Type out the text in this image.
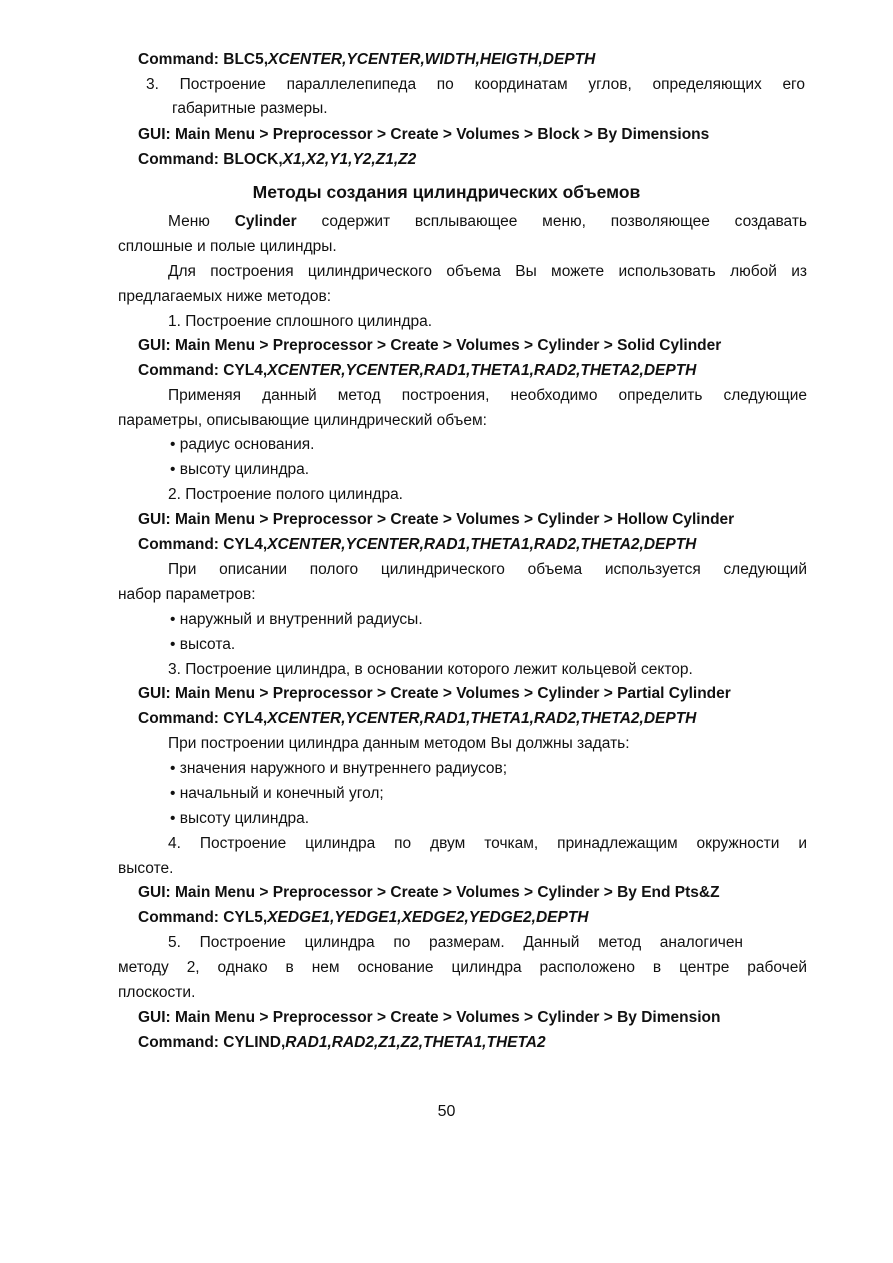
Command: BLC5,XCENTER,YCENTER,WIDTH,HEIGTH,DEPTH
3. Построение параллелепипеда по координатам углов, определяющих его
габаритные размеры.
GUI: Main Menu > Preprocessor > Create > Volumes > Block > By Dimensions
Command: BLOCK,X1,X2,Y1,Y2,Z1,Z2
Методы создания цилиндрических объемов
Меню Cylinder содержит всплывающее меню, позволяющее создавать
сплошные и полые цилиндры.
Для построения цилиндрического объема Вы можете использовать любой из
предлагаемых ниже методов:
1. Построение сплошного цилиндра.
GUI: Main Menu > Preprocessor > Create > Volumes > Cylinder > Solid Cylinder
Command: CYL4,XCENTER,YCENTER,RAD1,THETA1,RAD2,THETA2,DEPTH
Применяя данный метод построения, необходимо определить следующие
параметры, описывающие цилиндрический объем:
• радиус основания.
• высоту цилиндра.
2. Построение полого цилиндра.
GUI: Main Menu > Preprocessor > Create > Volumes > Cylinder > Hollow Cylinder
Command: CYL4,XCENTER,YCENTER,RAD1,THETA1,RAD2,THETA2,DEPTH
При описании полого цилиндрического объема используется следующий
набор параметров:
• наружный и внутренний радиусы.
• высота.
3. Построение цилиндра, в основании которого лежит кольцевой сектор.
GUI: Main Menu > Preprocessor > Create > Volumes > Cylinder > Partial Cylinder
Command: CYL4,XCENTER,YCENTER,RAD1,THETA1,RAD2,THETA2,DEPTH
При построении цилиндра данным методом Вы должны задать:
• значения наружного и внутреннего радиусов;
• начальный и конечный угол;
• высоту цилиндра.
4. Построение цилиндра по двум точкам, принадлежащим окружности и
высоте.
GUI: Main Menu > Preprocessor > Create > Volumes > Cylinder > By End Pts&Z
Command: CYL5,XEDGE1,YEDGE1,XEDGE2,YEDGE2,DEPTH
5. Построение цилиндра по размерам. Данный метод аналогичен
методу 2, однако в нем основание цилиндра расположено в центре рабочей
плоскости.
GUI: Main Menu > Preprocessor > Create > Volumes > Cylinder > By Dimension
Command: CYLIND,RAD1,RAD2,Z1,Z2,THETA1,THETA2
50
